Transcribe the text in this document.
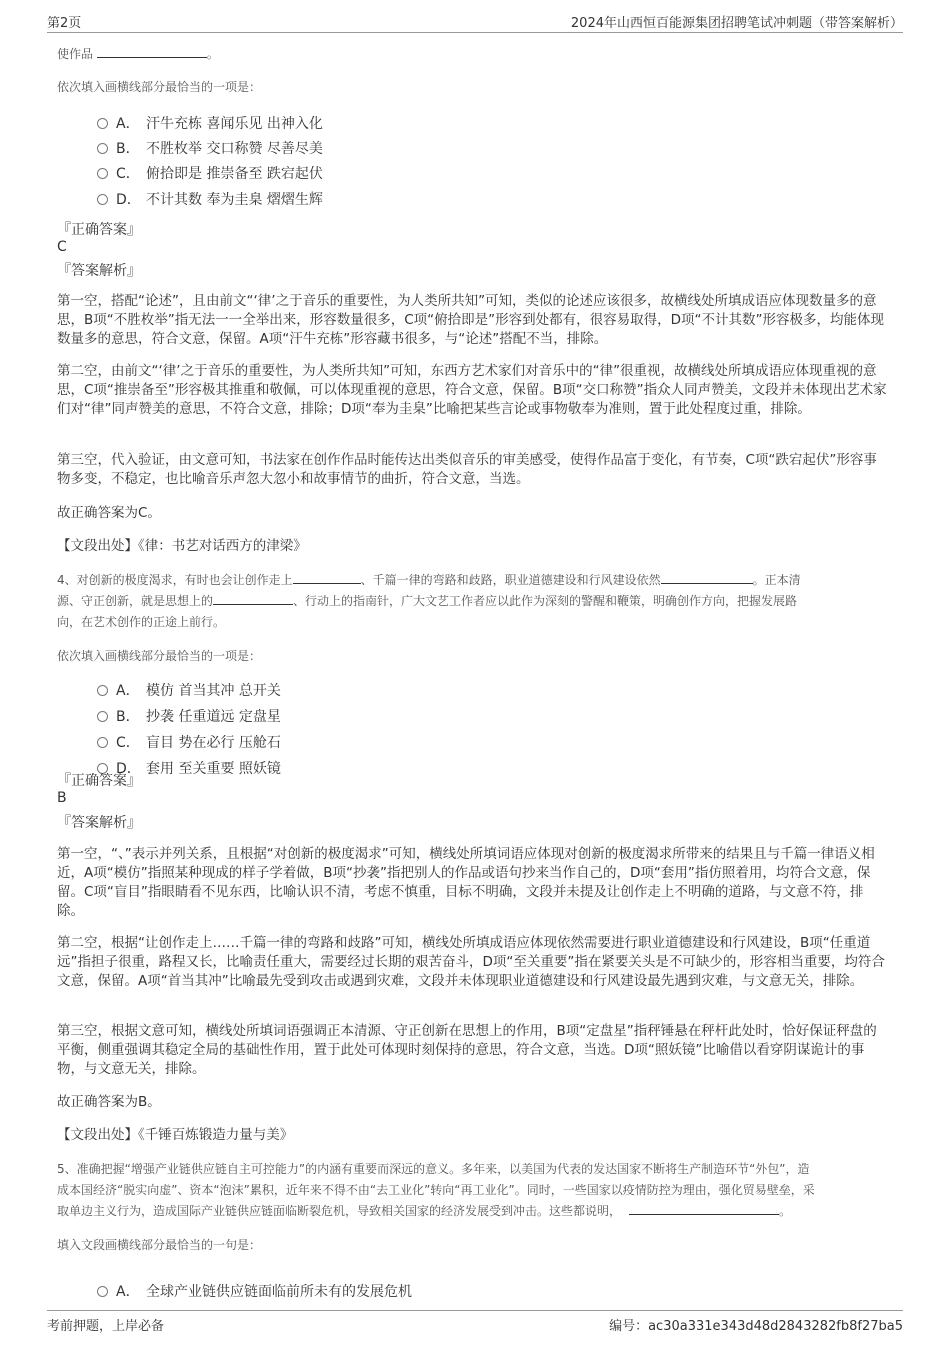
第2页	2024年山西恒百能源集团招聘笔试冲刺题（带答案解析）
使作品	。
依次填入画横线部分最恰当的一项是：
A． 汗牛充栋 喜闻乐见 出神入化
B． 不胜枚举 交口称赞 尽善尽美
C． 俯拾即是 推崇备至 跌宕起伏
D． 不计其数 奉为圭臬 熠熠生辉
『正确答案』
C
『答案解析』
第一空，搭配“论述”，且由前文“‘律’之于音乐的重要性，为人类所共知”可知，类似的论述应该很多，故横线处所填成语应体现数量多的意思，B项“不胜枚举”指无法一一全举出来，形容数量很多，C项“俯拾即是”形容到处都有，很容易取得，D项“不计其数”形容极多，均能体现数量多的意思，符合文意，保留。A项“汗牛充栋”形容藏书很多，与“论述”搭配不当，排除。
第二空，由前文“‘律’之于音乐的重要性，为人类所共知”可知，东西方艺术家们对音乐中的“律”很重视，故横线处所填成语应体现重视的意思，C项“推崇备至”形容极其推重和敬佩，可以体现重视的意思，符合文意，保留。B项“交口称赞”指众人同声赞美，文段并未体现出艺术家们对“律”同声赞美的意思，不符合文意，排除；D项“奉为圭臬”比喻把某些言论或事物敬奉为准则，置于此处程度过重，排除。
第三空，代入验证，由文意可知，书法家在创作作品时能传达出类似音乐的审美感受，使得作品富于变化，有节奏，C项“跌宕起伏”形容事物多变，不稳定，也比喻音乐声忽大忽小和故事情节的曲折，符合文意，当选。
故正确答案为C。
【文段出处】《律：书艺对话西方的津梁》
4、对创新的极度渴求，有时也会让创作走上	、千篇一律的弯路和歧路，职业道德建设和行风建设依然	。正本清
源、守正创新，就是思想上的	、行动上的指南针，广大文艺工作者应以此作为深刻的警醒和鞭策，明确创作方向，把握发展路
向，在艺术创作的正途上前行。
依次填入画横线部分最恰当的一项是：
A． 模仿 首当其冲 总开关
B． 抄袭 任重道远 定盘星
C． 盲目 势在必行 压舱石
D． 套用 至关重要 照妖镜
『正确答案』
B
『答案解析』
第一空，“、”表示并列关系，且根据“对创新的极度渴求”可知，横线处所填词语应体现对创新的极度渴求所带来的结果且与千篇一律语义相近，A项“模仿”指照某种现成的样子学着做，B项“抄袭”指把别人的作品或语句抄来当作自己的，D项“套用”指仿照着用，均符合文意，保留。C项“盲目”指眼睛看不见东西，比喻认识不清，考虑不慎重，目标不明确，文段并未提及让创作走上不明确的道路，与文意不符，排除。
第二空，根据“让创作走上……千篇一律的弯路和歧路”可知，横线处所填成语应体现依然需要进行职业道德建设和行风建设，B项“任重道远”指担子很重，路程又长，比喻责任重大，需要经过长期的艰苦奋斗，D项“至关重要”指在紧要关头是不可缺少的，形容相当重要，均符合文意，保留。A项“首当其冲”比喻最先受到攻击或遇到灾难，文段并未体现职业道德建设和行风建设最先遇到灾难，与文意无关，排除。
第三空，根据文意可知，横线处所填词语强调正本清源、守正创新在思想上的作用，B项“定盘星”指秤锤悬在秤杆此处时，恰好保证秤盘的平衡，侧重强调其稳定全局的基础性作用，置于此处可体现时刻保持的意思，符合文意，当选。D项“照妖镜”比喻借以看穿阴谋诡计的事物，与文意无关，排除。
故正确答案为B。
【文段出处】《千锤百炼锻造力量与美》
5、准确把握“增强产业链供应链自主可控能力”的内涵有重要而深远的意义。多年来，以美国为代表的发达国家不断将生产制造环节“外包”，造
成本国经济“脱实向虚”、资本“泡沫”累积，近年来不得不由“去工业化”转向“再工业化”。同时，一些国家以疫情防控为理由，强化贸易壁垒，采
取单边主义行为，造成国际产业链供应链面临断裂危机，导致相关国家的经济发展受到冲击。这些都说明，	。
填入文段画横线部分最恰当的一句是：
A． 全球产业链供应链面临前所未有的发展危机
考前押题，上岸必备	编号：ac30a331e343d48d2843282fb8f27ba5
